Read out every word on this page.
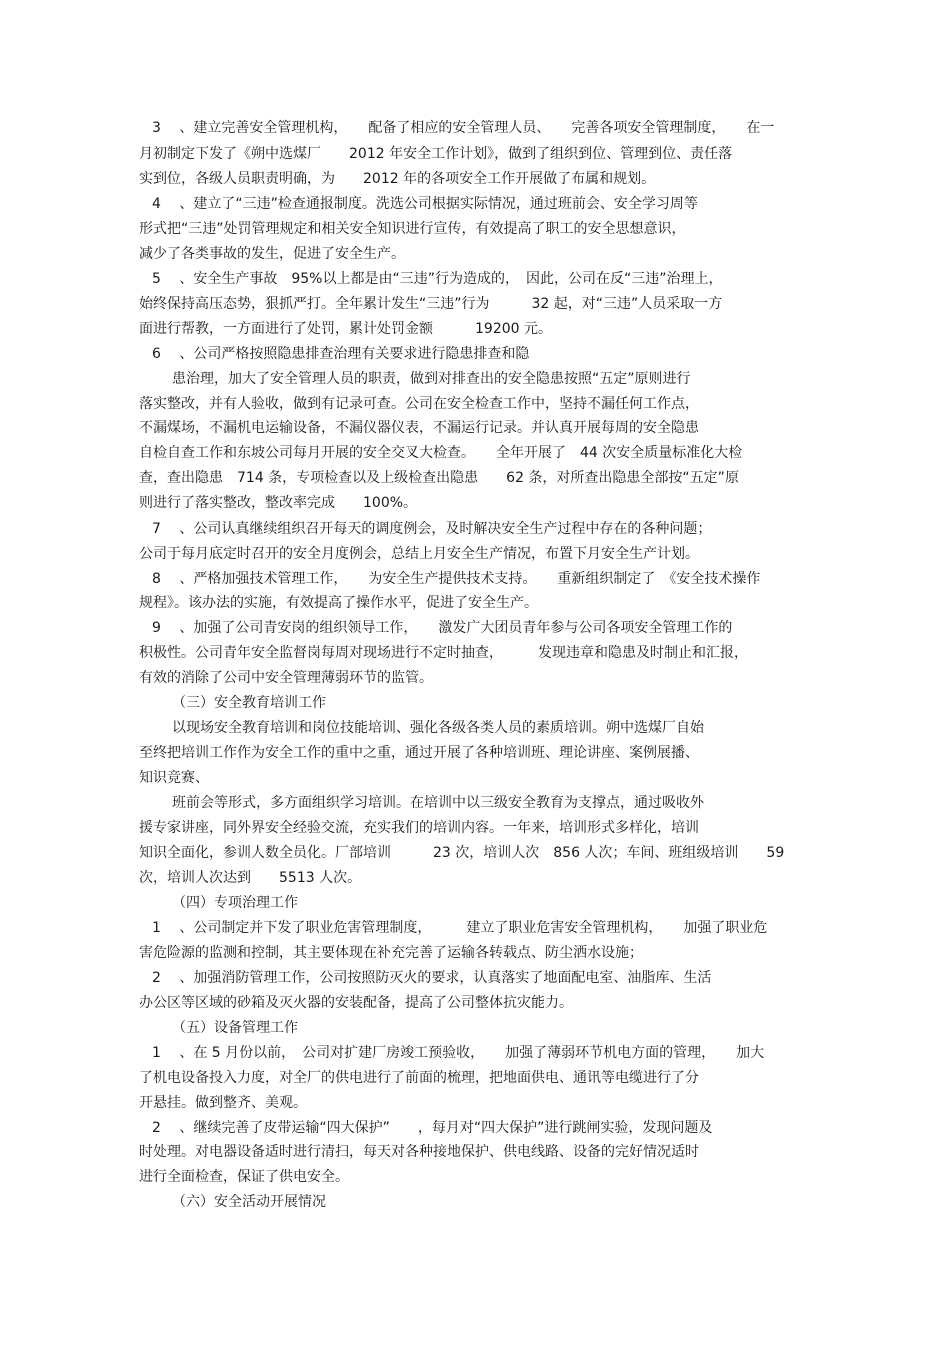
3 　、建立完善安全管理机构，　　配备了相应的安全管理人员、　　完善各项安全管理制度，　　在一
月初制定下发了《朔中选煤厂　　2012 年安全工作计划》，做到了组织到位、管理到位、责任落
实到位，各级人员职责明确，为　　2012 年的各项安全工作开展做了布属和规划。
4 　、建立了“三违”检查通报制度。洗选公司根据实际情况，通过班前会、安全学习周等
形式把“三违”处罚管理规定和相关安全知识进行宣传，有效提高了职工的安全思想意识，
减少了各类事故的发生，促进了安全生产。
5 　、安全生产事故　95%以上都是由“三违”行为造成的，　因此，公司在反“三违”治理上，
始终保持高压态势，狠抓严打。全年累计发生“三违”行为　　　32 起，对“三违”人员采取一方
面进行帮教，一方面进行了处罚，累计处罚金额　　　19200 元。
6 　、公司严格按照隐患排查治理有关要求进行隐患排查和隐
患治理，加大了安全管理人员的职责，做到对排查出的安全隐患按照“五定”原则进行
落实整改，并有人验收，做到有记录可查。公司在安全检查工作中，坚持不漏任何工作点，
不漏煤场，不漏机电运输设备，不漏仪器仪表，不漏运行记录。并认真开展每周的安全隐患
自检自查工作和东坡公司每月开展的安全交叉大检查。　　全年开展了　44 次安全质量标准化大检
查，查出隐患　714 条，专项检查以及上级检查出隐患　　62 条，对所查出隐患全部按“五定”原
则进行了落实整改，整改率完成　　100%。
7 　、公司认真继续组织召开每天的调度例会，及时解决安全生产过程中存在的各种问题；
公司于每月底定时召开的安全月度例会，总结上月安全生产情况，布置下月安全生产计划。
8 　、严格加强技术管理工作，　　为安全生产提供技术支持。　　重新组织制定了　《安全技术操作
规程》。该办法的实施，有效提高了操作水平，促进了安全生产。
9 　、加强了公司青安岗的组织领导工作，　　激发广大团员青年参与公司各项安全管理工作的
积极性。公司青年安全监督岗每周对现场进行不定时抽查，　　　发现违章和隐患及时制止和汇报，
有效的消除了公司中安全管理薄弱环节的监管。
（三）安全教育培训工作
以现场安全教育培训和岗位技能培训、强化各级各类人员的素质培训。朔中选煤厂自始
至终把培训工作作为安全工作的重中之重，通过开展了各种培训班、理论讲座、案例展播、
知识竞赛、
班前会等形式，多方面组织学习培训。在培训中以三级安全教育为支撑点，通过吸收外
援专家讲座，同外界安全经验交流，充实我们的培训内容。一年来，培训形式多样化，培训
知识全面化，参训人数全员化。厂部培训　　　23 次，培训人次　856 人次；车间、班组级培训　　59
次，培训人次达到　　5513 人次。
（四）专项治理工作
1 　、公司制定并下发了职业危害管理制度，　　　建立了职业危害安全管理机构，　　加强了职业危
害危险源的监测和控制，其主要体现在补充完善了运输各转载点、防尘洒水设施；
2 　、加强消防管理工作，公司按照防灭火的要求，认真落实了地面配电室、油脂库、生活
办公区等区域的砂箱及灭火器的安装配备，提高了公司整体抗灾能力。
（五）设备管理工作
1 　、在 5 月份以前，　公司对扩建厂房竣工预验收，　　加强了薄弱环节机电方面的管理，　　加大
了机电设备投入力度，对全厂的供电进行了前面的梳理，把地面供电、通讯等电缆进行了分
开悬挂。做到整齐、美观。
2 　、继续完善了皮带运输“四大保护”　　，每月对“四大保护”进行跳闸实验，发现问题及
时处理。对电器设备适时进行清扫，每天对各种接地保护、供电线路、设备的完好情况适时
进行全面检查，保证了供电安全。
（六）安全活动开展情况
